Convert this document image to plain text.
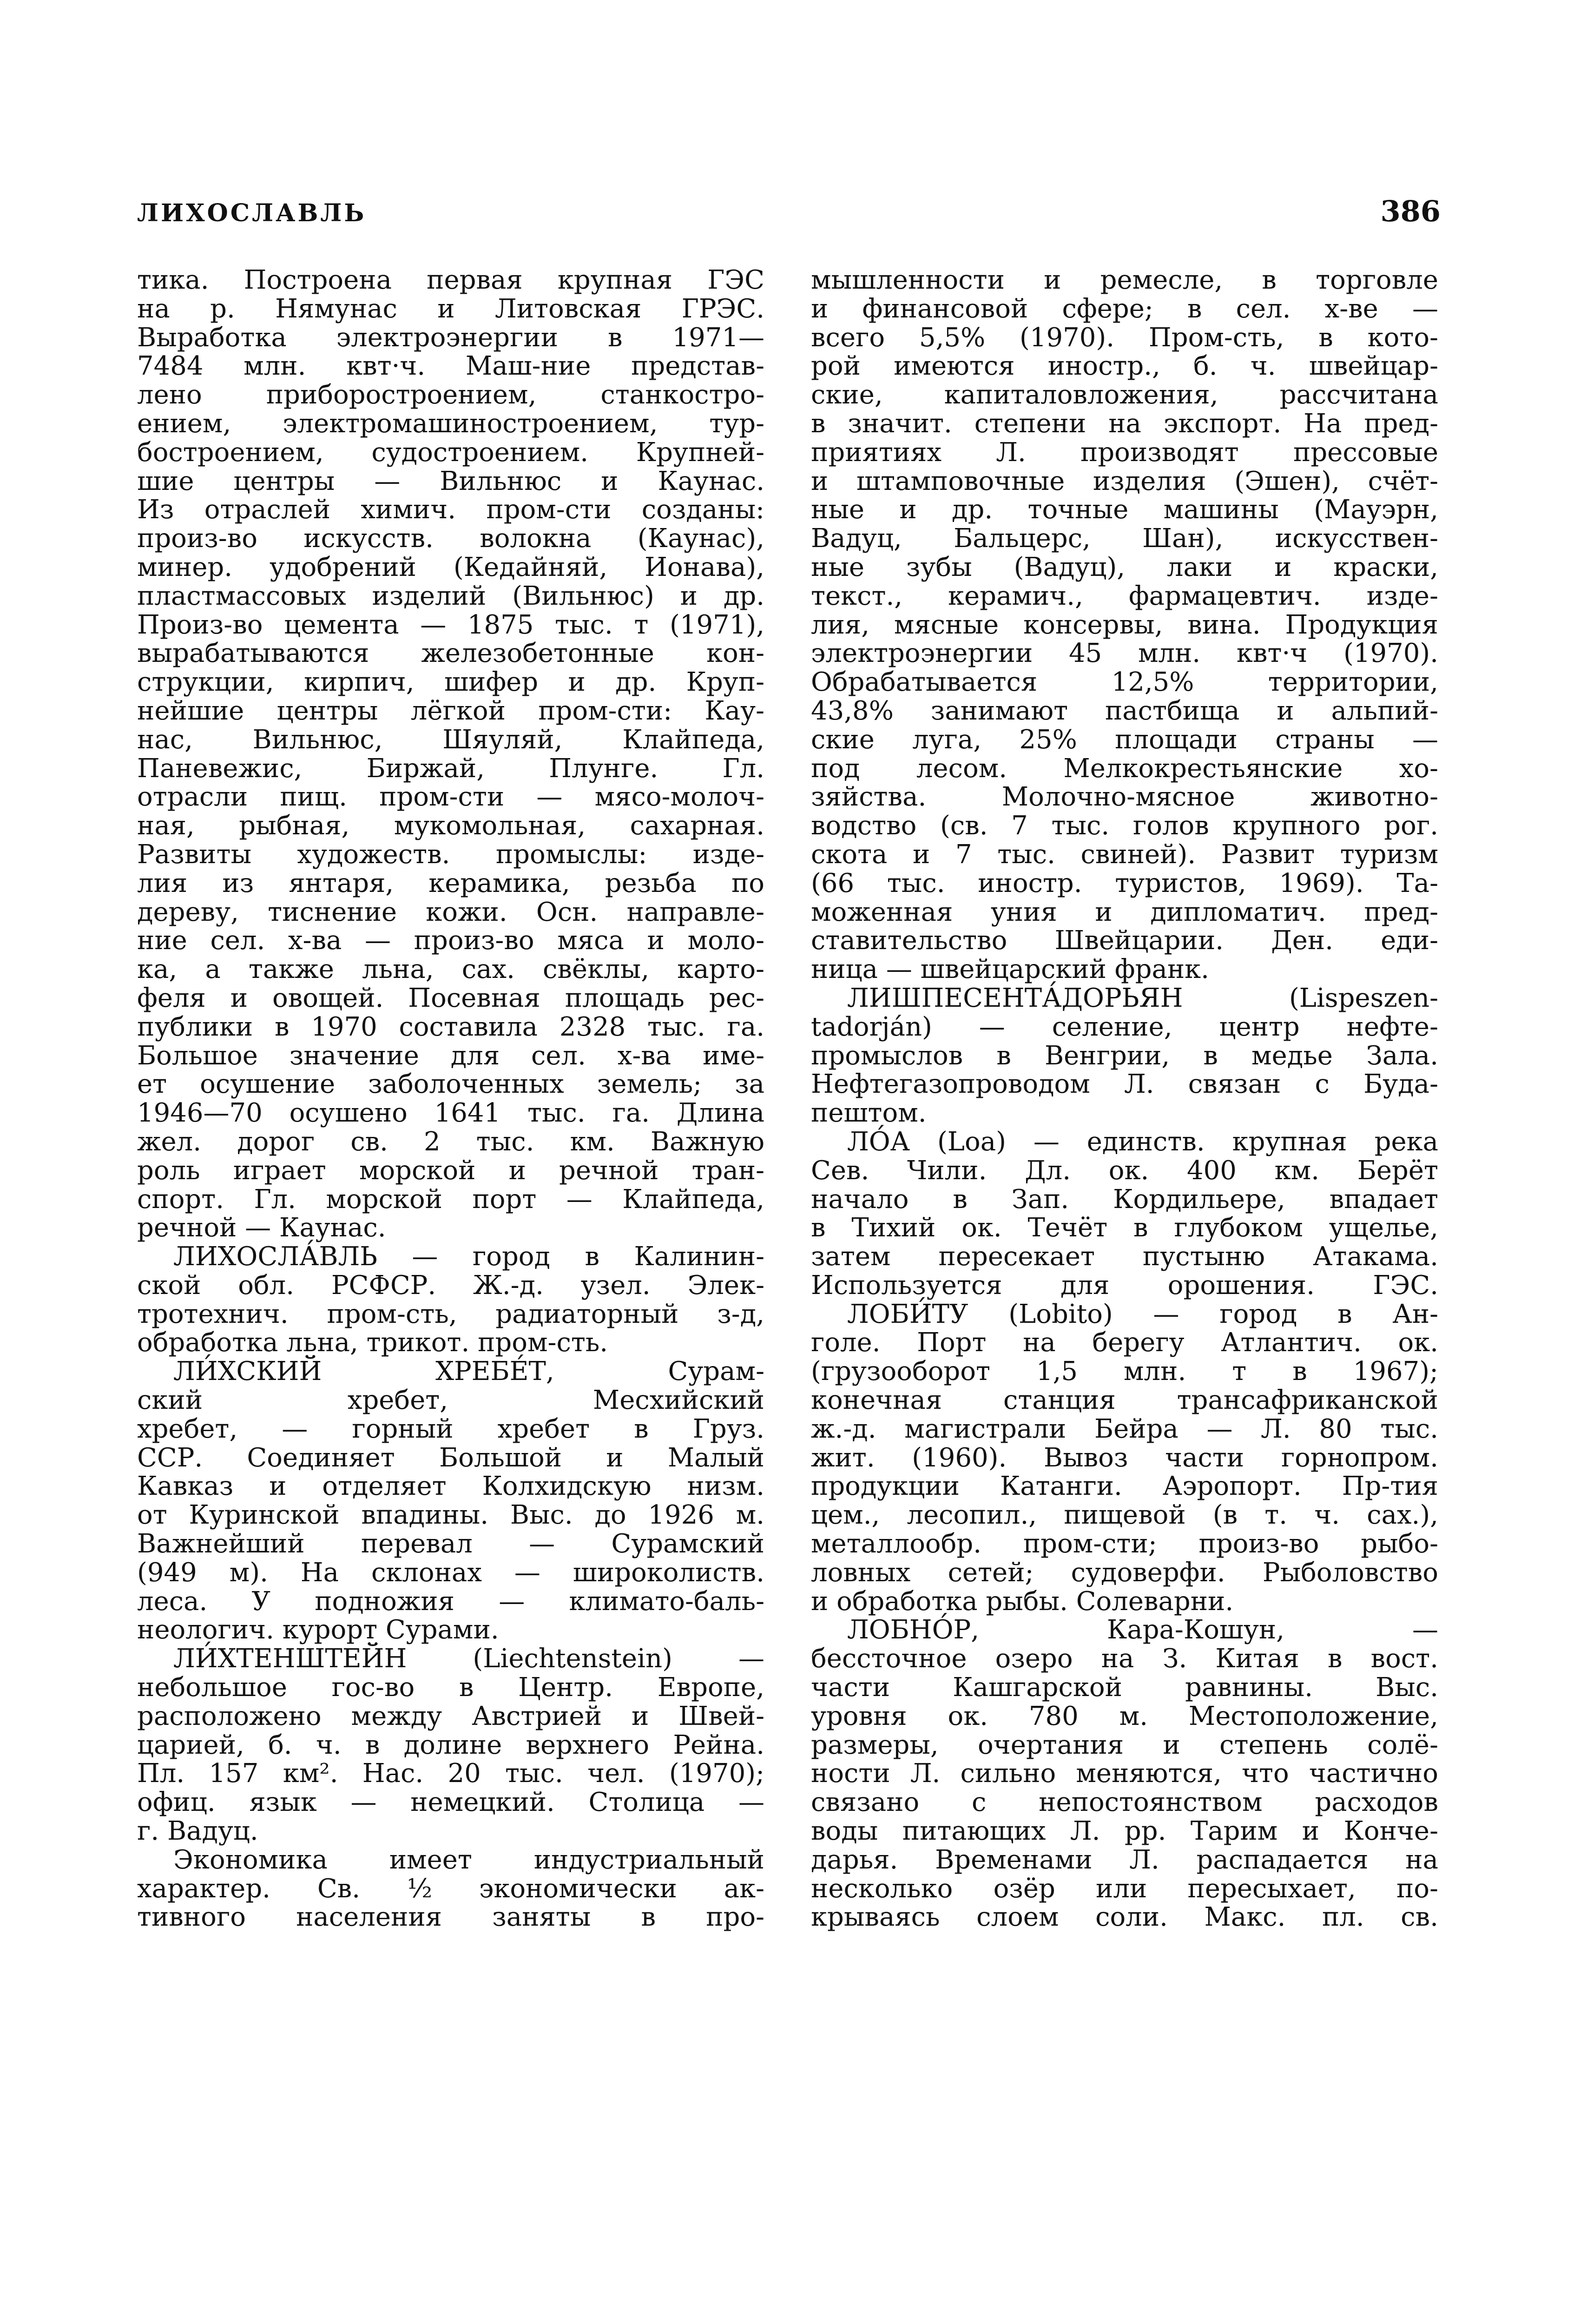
ЛИХОСЛАВЛЬ	386
тика. Построена первая крупная ГЭС
на р. Нямунас и Литовская ГРЭС.
Выработка электроэнергии в 1971—
7484 млн. квт·ч. Маш-ние представ-
лено приборостроением, станкостро-
ением, электромашиностроением, тур-
бостроением, судостроением. Крупней-
шие центры — Вильнюс и Каунас.
Из отраслей химич. пром-сти созданы:
произ-во искусств. волокна (Каунас),
минер. удобрений (Кедайняй, Ионава),
пластмассовых изделий (Вильнюс) и др.
Произ-во цемента — 1875 тыс. т (1971),
вырабатываются железобетонные кон-
струкции, кирпич, шифер и др. Круп-
нейшие центры лёгкой пром-сти: Кау-
нас, Вильнюс, Шяуляй, Клайпеда,
Паневежис, Биржай, Плунге. Гл.
отрасли пищ. пром-сти — мясо-молоч-
ная, рыбная, мукомольная, сахарная.
Развиты художеств. промыслы: изде-
лия из янтаря, керамика, резьба по
дереву, тиснение кожи. Осн. направле-
ние сел. х-ва — произ-во мяса и моло-
ка, а также льна, сах. свёклы, карто-
феля и овощей. Посевная площадь рес-
публики в 1970 составила 2328 тыс. га.
Большое значение для сел. х-ва име-
ет осушение заболоченных земель; за
1946—70 осушено 1641 тыс. га. Длина
жел. дорог св. 2 тыс. км. Важную
роль играет морской и речной тран-
спорт. Гл. морской порт — Клайпеда,
речной — Каунас.
ЛИХОСЛА́ВЛЬ — город в Калинин-
ской обл. РСФСР. Ж.-д. узел. Элек-
тротехнич. пром-сть, радиаторный з-д,
обработка льна, трикот. пром-сть.
ЛИ́ХСКИЙ ХРЕБЕ́Т, Сурам-
ский хребет, Месхийский
хребет, — горный хребет в Груз.
ССР. Соединяет Большой и Малый
Кавказ и отделяет Колхидскую низм.
от Куринской впадины. Выс. до 1926 м.
Важнейший перевал — Сурамский
(949 м). На склонах — широколиств.
леса. У подножия — климато-баль-
неологич. курорт Сурами.
ЛИ́ХТЕНШТЕЙН (Liechtenstein) —
небольшое гос-во в Центр. Европе,
расположено между Австрией и Швей-
царией, б. ч. в долине верхнего Рейна.
Пл. 157 км². Нас. 20 тыс. чел. (1970);
офиц. язык — немецкий. Столица —
г. Вадуц.
Экономика имеет индустриальный
характер. Св. ½ экономически ак-
тивного населения заняты в про-
мышленности и ремесле, в торговле
и финансовой сфере; в сел. х-ве —
всего 5,5% (1970). Пром-сть, в кото-
рой имеются иностр., б. ч. швейцар-
ские, капиталовложения, рассчитана
в значит. степени на экспорт. На пред-
приятиях Л. производят прессовые
и штамповочные изделия (Эшен), счёт-
ные и др. точные машины (Мауэрн,
Вадуц, Бальцерс, Шан), искусствен-
ные зубы (Вадуц), лаки и краски,
текст., керамич., фармацевтич. изде-
лия, мясные консервы, вина. Продукция
электроэнергии 45 млн. квт·ч (1970).
Обрабатывается 12,5% территории,
43,8% занимают пастбища и альпий-
ские луга, 25% площади страны —
под лесом. Мелкокрестьянские хо-
зяйства. Молочно-мясное животно-
водство (св. 7 тыс. голов крупного рог.
скота и 7 тыс. свиней). Развит туризм
(66 тыс. иностр. туристов, 1969). Та-
моженная уния и дипломатич. пред-
ставительство Швейцарии. Ден. еди-
ница — швейцарский франк.
ЛИШПЕСЕНТА́ДОРЬЯН (Lispeszen-
tadorján) — селение, центр нефте-
промыслов в Венгрии, в медье Зала.
Нефтегазопроводом Л. связан с Буда-
пештом.
ЛО́А (Loa) — единств. крупная река
Сев. Чили. Дл. ок. 400 км. Берёт
начало в Зап. Кордильере, впадает
в Тихий ок. Течёт в глубоком ущелье,
затем пересекает пустыню Атакама.
Используется для орошения. ГЭС.
ЛОБИ́ТУ (Lobito) — город в Ан-
голе. Порт на берегу Атлантич. ок.
(грузооборот 1,5 млн. т в 1967);
конечная станция трансафриканской
ж.-д. магистрали Бейра — Л. 80 тыс.
жит. (1960). Вывоз части горнопром.
продукции Катанги. Аэропорт. Пр-тия
цем., лесопил., пищевой (в т. ч. сах.),
металлообр. пром-сти; произ-во рыбо-
ловных сетей; судоверфи. Рыболовство
и обработка рыбы. Солеварни.
ЛОБНО́Р, Кара-Кошун, —
бессточное озеро на З. Китая в вост.
части Кашгарской равнины. Выс.
уровня ок. 780 м. Местоположение,
размеры, очертания и степень солё-
ности Л. сильно меняются, что частично
связано с непостоянством расходов
воды питающих Л. рр. Тарим и Конче-
дарья. Временами Л. распадается на
несколько озёр или пересыхает, по-
крываясь слоем соли. Макс. пл. св.
